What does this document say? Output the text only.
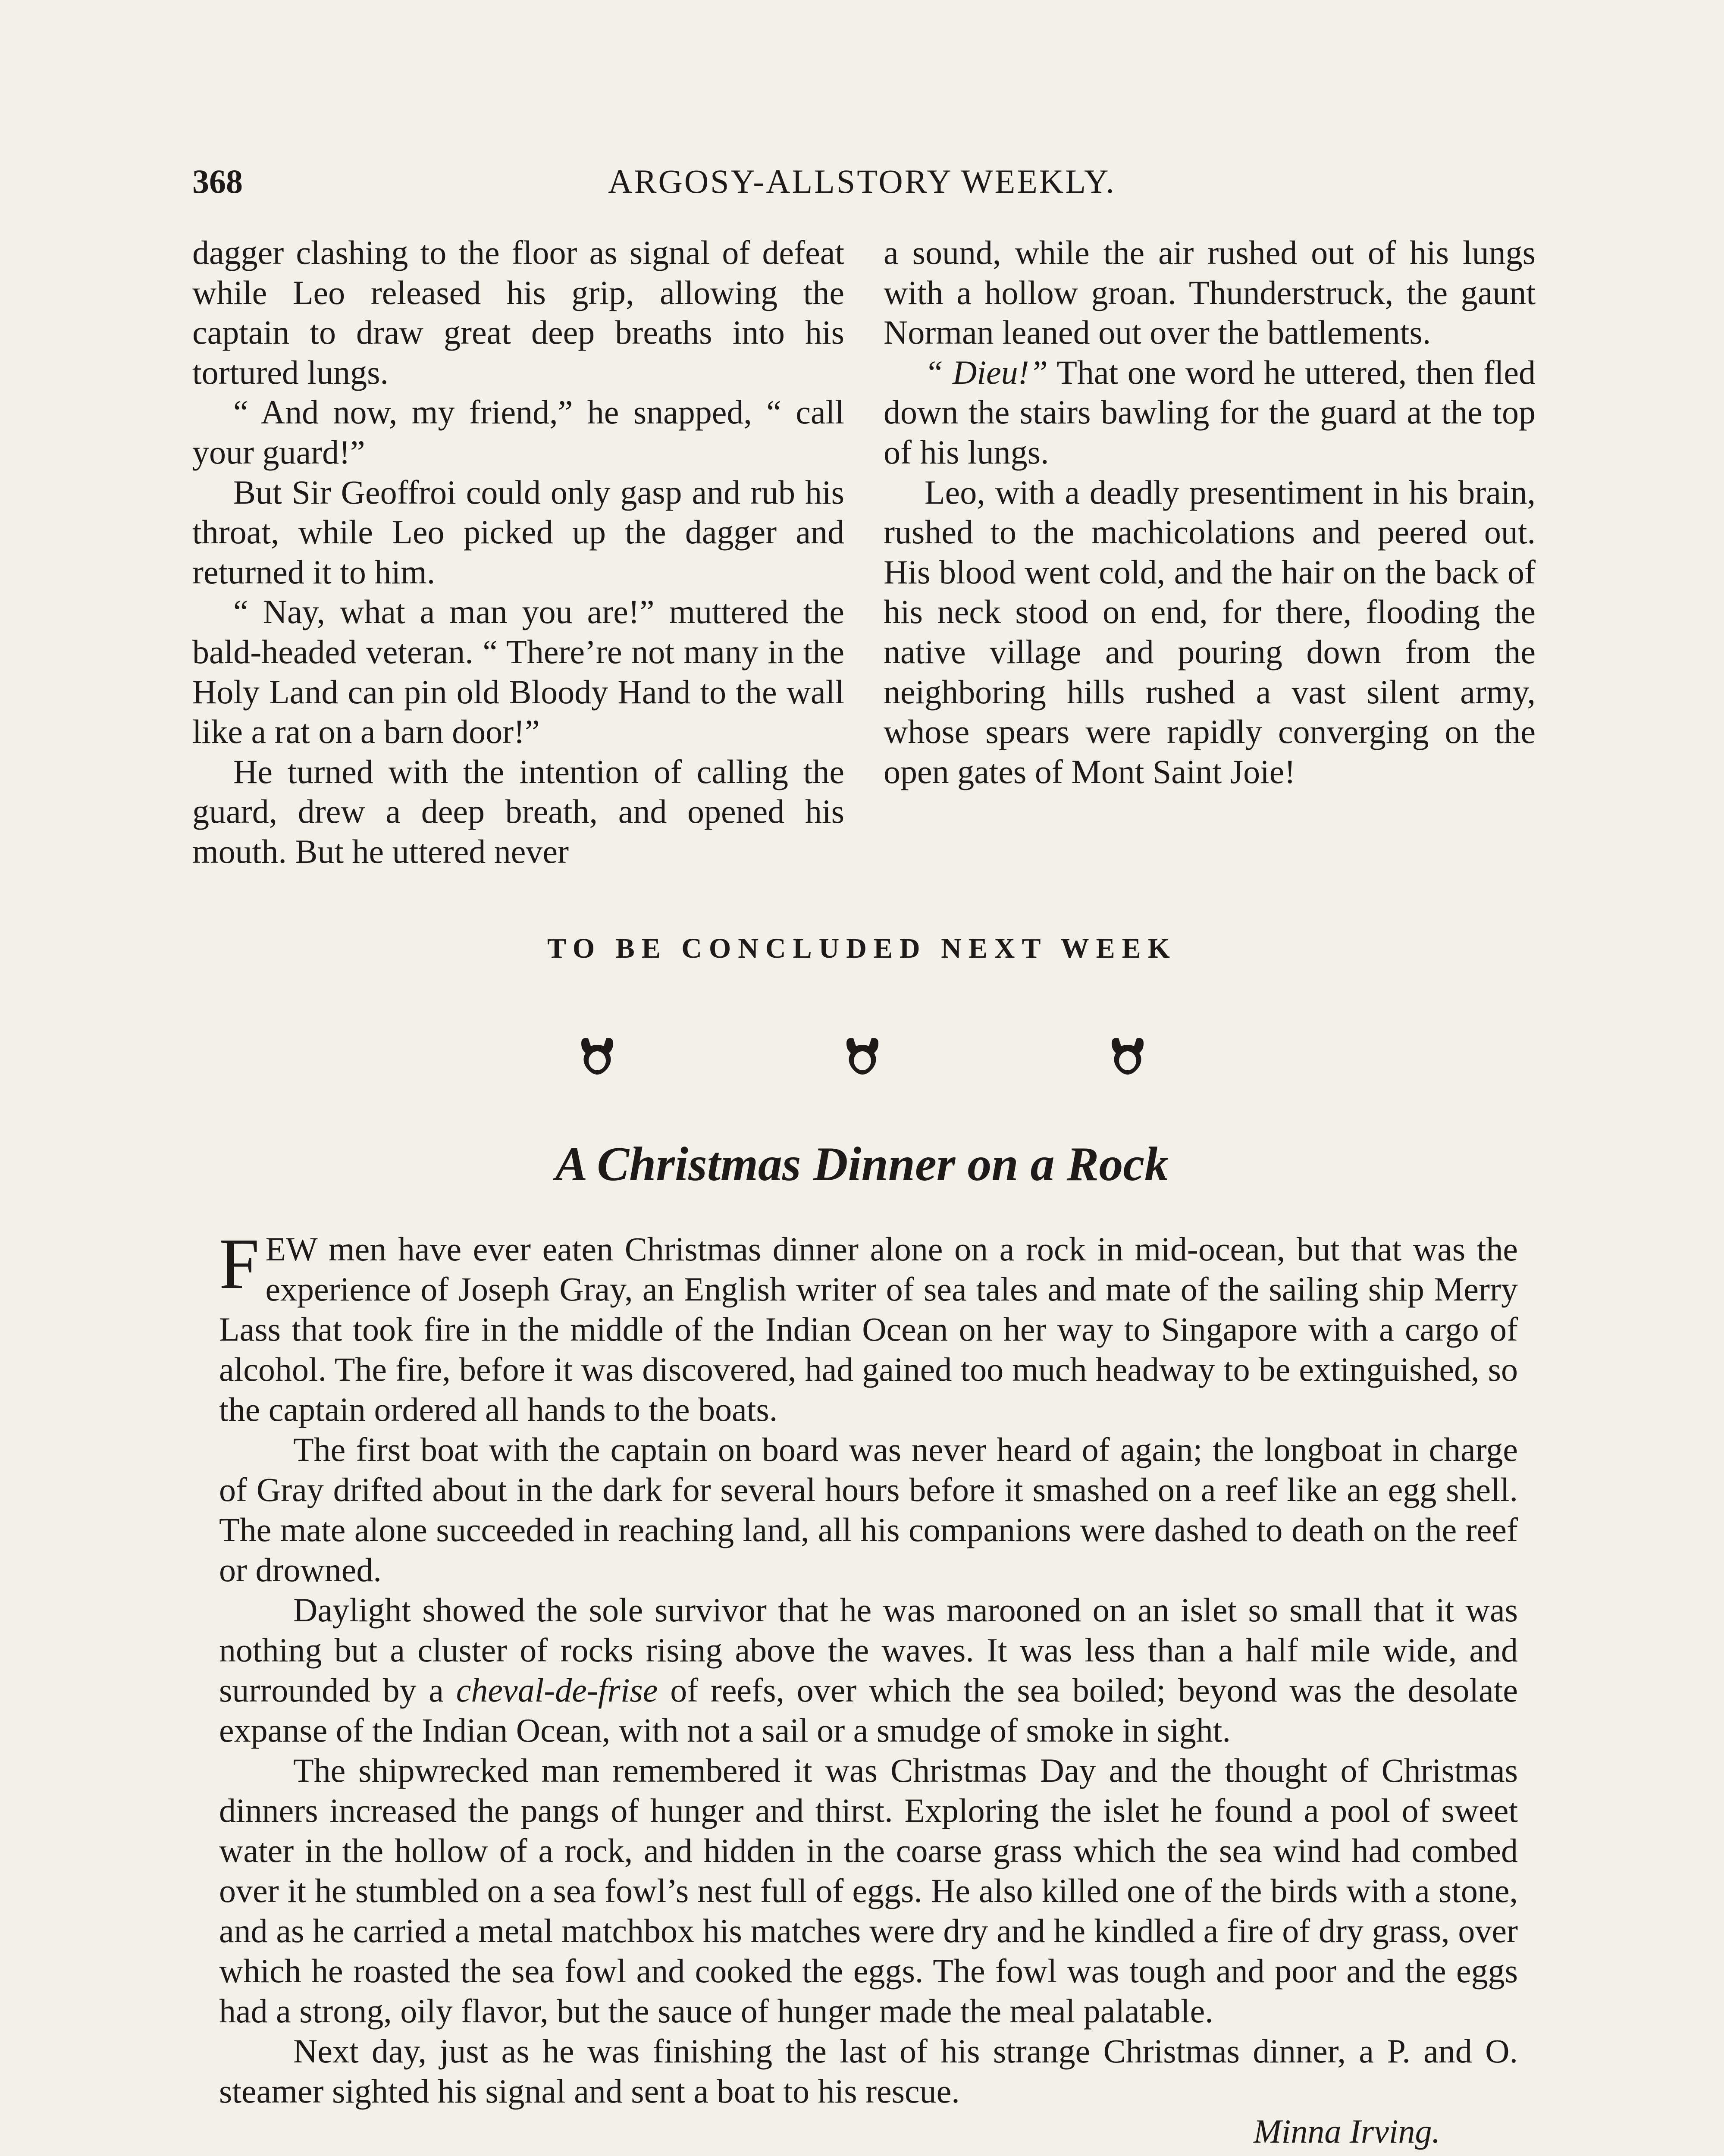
368	ARGOSY-ALLSTORY WEEKLY.

dagger clashing to the floor as signal of defeat while Leo released his grip, allowing the captain to draw great deep breaths into his tortured lungs.

“ And now, my friend,” he snapped, “ call your guard!”

But Sir Geoffroi could only gasp and rub his throat, while Leo picked up the dagger and returned it to him.

“ Nay, what a man you are!” muttered the bald-headed veteran. “ There’re not many in the Holy Land can pin old Bloody Hand to the wall like a rat on a barn door!”

He turned with the intention of calling the guard, drew a deep breath, and opened his mouth. But he uttered never

a sound, while the air rushed out of his lungs with a hollow groan. Thunderstruck, the gaunt Norman leaned out over the battlements.

“ Dieu!” That one word he uttered, then fled down the stairs bawling for the guard at the top of his lungs.

Leo, with a deadly presentiment in his brain, rushed to the machicolations and peered out. His blood went cold, and the hair on the back of his neck stood on end, for there, flooding the native village and pouring down from the neighboring hills rushed a vast silent army, whose spears were rapidly converging on the open gates of Mont Saint Joie!

TO BE CONCLUDED NEXT WEEK
A Christmas Dinner on a Rock

FEW men have ever eaten Christmas dinner alone on a rock in mid-ocean, but that was the experience of Joseph Gray, an English writer of sea tales and mate of the sailing ship Merry Lass that took fire in the middle of the Indian Ocean on her way to Singapore with a cargo of alcohol. The fire, before it was discovered, had gained too much headway to be extinguished, so the captain ordered all hands to the boats.

The first boat with the captain on board was never heard of again; the longboat in charge of Gray drifted about in the dark for several hours before it smashed on a reef like an egg shell. The mate alone succeeded in reaching land, all his companions were dashed to death on the reef or drowned.

Daylight showed the sole survivor that he was marooned on an islet so small that it was nothing but a cluster of rocks rising above the waves. It was less than a half mile wide, and surrounded by a cheval-de-frise of reefs, over which the sea boiled; beyond was the desolate expanse of the Indian Ocean, with not a sail or a smudge of smoke in sight.

The shipwrecked man remembered it was Christmas Day and the thought of Christmas dinners increased the pangs of hunger and thirst. Exploring the islet he found a pool of sweet water in the hollow of a rock, and hidden in the coarse grass which the sea wind had combed over it he stumbled on a sea fowl’s nest full of eggs. He also killed one of the birds with a stone, and as he carried a metal matchbox his matches were dry and he kindled a fire of dry grass, over which he roasted the sea fowl and cooked the eggs. The fowl was tough and poor and the eggs had a strong, oily flavor, but the sauce of hunger made the meal palatable.

Next day, just as he was finishing the last of his strange Christmas dinner, a P. and O. steamer sighted his signal and sent a boat to his rescue.

Minna Irving.
